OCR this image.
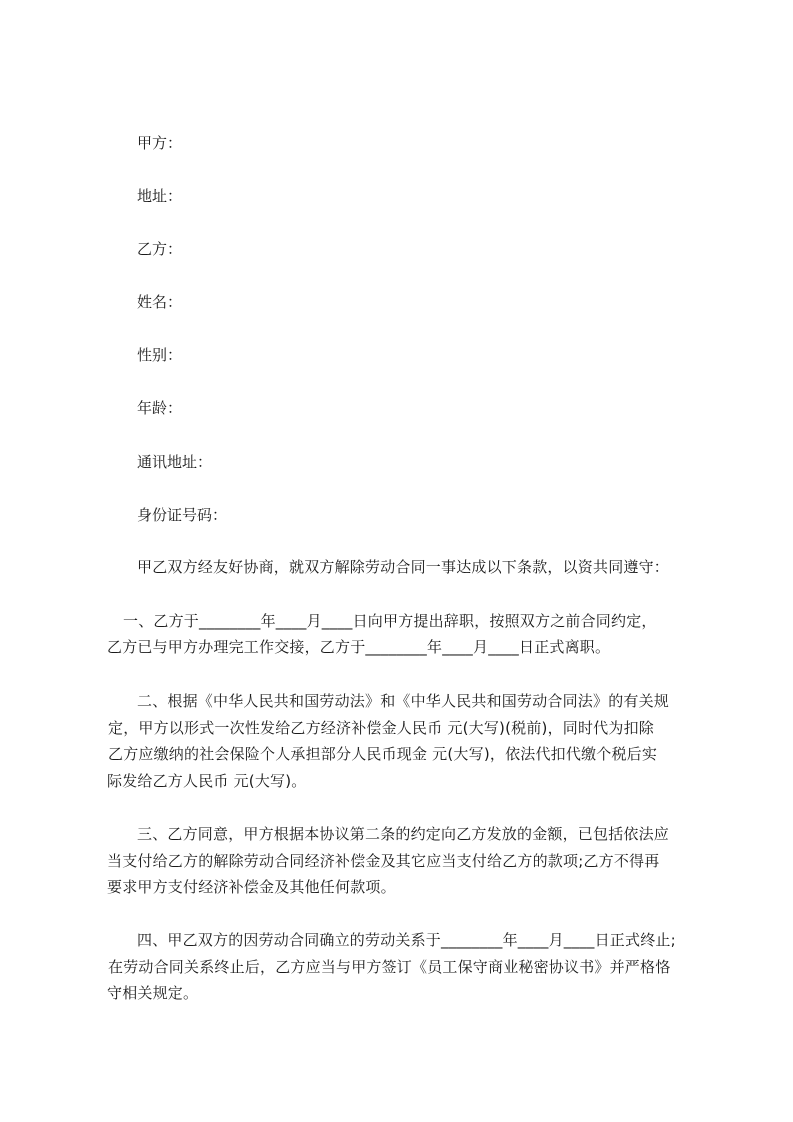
甲方：
地址：
乙方：
姓名：
性别：
年龄：
通讯地址：
身份证号码：
甲乙双方经友好协商，就双方解除劳动合同一事达成以下条款，以资共同遵守：
一、乙方于________年____月____日向甲方提出辞职，按照双方之前合同约定，
乙方已与甲方办理完工作交接，乙方于________年____月____日正式离职。
二、根据《中华人民共和国劳动法》和《中华人民共和国劳动合同法》的有关规
定，甲方以形式一次性发给乙方经济补偿金人民币 元(大写)(税前)，同时代为扣除
乙方应缴纳的社会保险个人承担部分人民币现金 元(大写)，依法代扣代缴个税后实
际发给乙方人民币 元(大写)。
三、乙方同意，甲方根据本协议第二条的约定向乙方发放的金额，已包括依法应
当支付给乙方的解除劳动合同经济补偿金及其它应当支付给乙方的款项;乙方不得再
要求甲方支付经济补偿金及其他任何款项。
四、甲乙双方的因劳动合同确立的劳动关系于________年____月____日正式终止;
在劳动合同关系终止后，乙方应当与甲方签订《员工保守商业秘密协议书》并严格恪
守相关规定。
